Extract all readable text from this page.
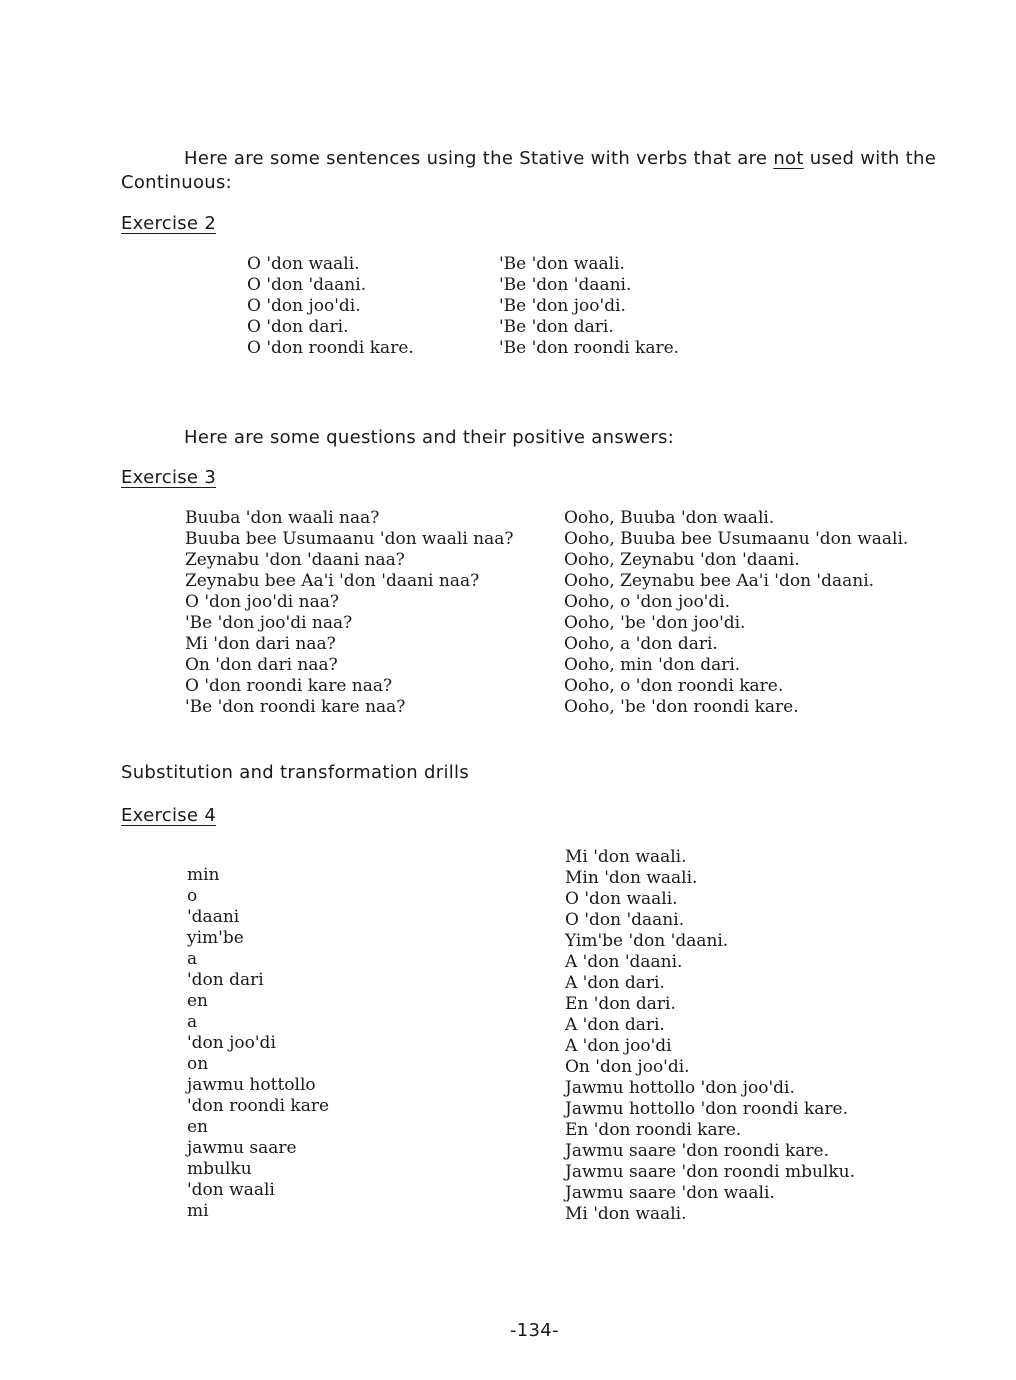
Here are some sentences using the Stative with verbs that are not used with the
Continuous:
Exercise 2
O 'don waali.
O 'don 'daani.
O 'don joo'di.
O 'don dari.
O 'don roondi kare.
'Be 'don waali.
'Be 'don 'daani.
'Be 'don joo'di.
'Be 'don dari.
'Be 'don roondi kare.
Here are some questions and their positive answers:
Exercise 3
Buuba 'don waali naa?
Buuba bee Usumaanu 'don waali naa?
Zeynabu 'don 'daani naa?
Zeynabu bee Aa'i 'don 'daani naa?
O 'don joo'di naa?
'Be 'don joo'di naa?
Mi 'don dari naa?
On 'don dari naa?
O 'don roondi kare naa?
'Be 'don roondi kare naa?
Ooho, Buuba 'don waali.
Ooho, Buuba bee Usumaanu 'don waali.
Ooho, Zeynabu 'don 'daani.
Ooho, Zeynabu bee Aa'i 'don 'daani.
Ooho, o 'don joo'di.
Ooho, 'be 'don joo'di.
Ooho, a 'don dari.
Ooho, min 'don dari.
Ooho, o 'don roondi kare.
Ooho, 'be 'don roondi kare.
Substitution and transformation drills
Exercise 4
min
o
'daani
yim'be
a
'don dari
en
a
'don joo'di
on
jawmu hottollo
'don roondi kare
en
jawmu saare
mbulku
'don waali
mi
Mi 'don waali.
Min 'don waali.
O 'don waali.
O 'don 'daani.
Yim'be 'don 'daani.
A 'don 'daani.
A 'don dari.
En 'don dari.
A 'don dari.
A 'don joo'di
On 'don joo'di.
Jawmu hottollo 'don joo'di.
Jawmu hottollo 'don roondi kare.
En 'don roondi kare.
Jawmu saare 'don roondi kare.
Jawmu saare 'don roondi mbulku.
Jawmu saare 'don waali.
Mi 'don waali.
-134-
